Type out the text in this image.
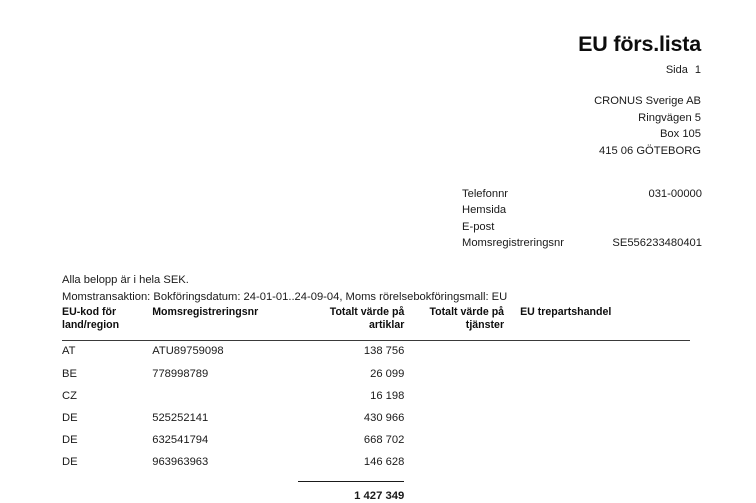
EU förs.lista
Sida 1
CRONUS Sverige AB
Ringvägen 5
Box 105
415 06 GÖTEBORG
Telefonnr	031-00000
Hemsida
E-post
Momsregistreringsnr	SE556233480401
Alla belopp är i hela SEK.
Momstransaktion: Bokföringsdatum: 24-01-01..24-09-04, Moms rörelsebokföringsmall: EU
EU-kod för land/region	Momsregistreringsnr	Totalt värde på artiklar	Totalt värde på tjänster	EU trepartshandel
AT	ATU89759098	138 756		
BE	778998789	26 099		
CZ		16 198		
DE	525252141	430 966		
DE	632541794	668 702		
DE	963963963	146 628		

		1 427 349		
